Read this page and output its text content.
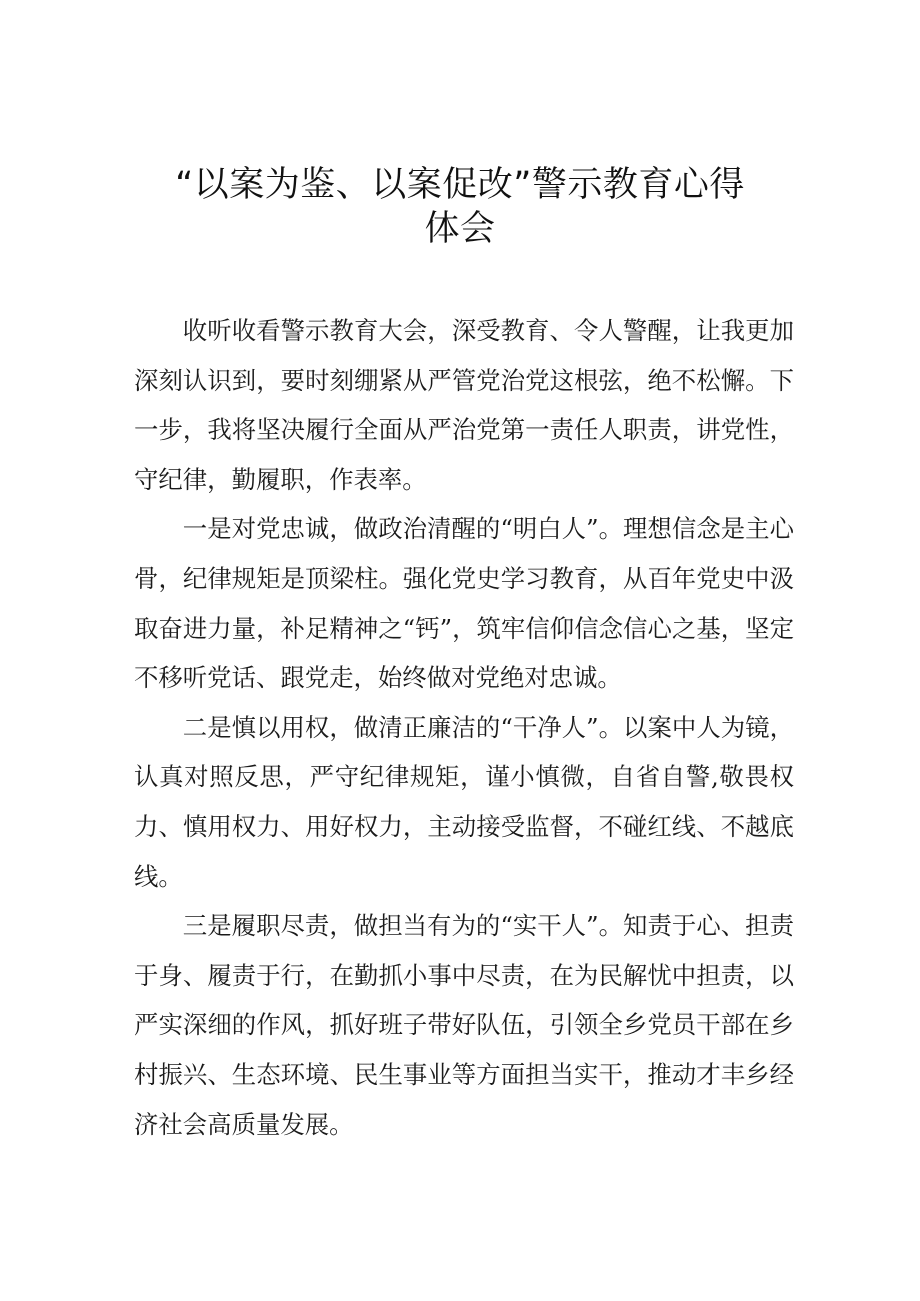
“以案为鉴、以案促改”警示教育心得体会

收听收看警示教育大会，深受教育、令人警醒，让我更加深刻认识到，要时刻绷紧从严管党治党这根弦，绝不松懈。下一步，我将坚决履行全面从严治党第一责任人职责，讲党性，守纪律，勤履职，作表率。

一是对党忠诚，做政治清醒的“明白人”。理想信念是主心骨，纪律规矩是顶梁柱。强化党史学习教育，从百年党史中汲取奋进力量，补足精神之“钙”，筑牢信仰信念信心之基，坚定不移听党话、跟党走，始终做对党绝对忠诚。

二是慎以用权，做清正廉洁的“干净人”。以案中人为镜，认真对照反思，严守纪律规矩，谨小慎微，自省自警,敬畏权力、慎用权力、用好权力，主动接受监督，不碰红线、不越底线。

三是履职尽责，做担当有为的“实干人”。知责于心、担责于身、履责于行，在勤抓小事中尽责，在为民解忧中担责，以严实深细的作风，抓好班子带好队伍，引领全乡党员干部在乡村振兴、生态环境、民生事业等方面担当实干，推动才丰乡经济社会高质量发展。
